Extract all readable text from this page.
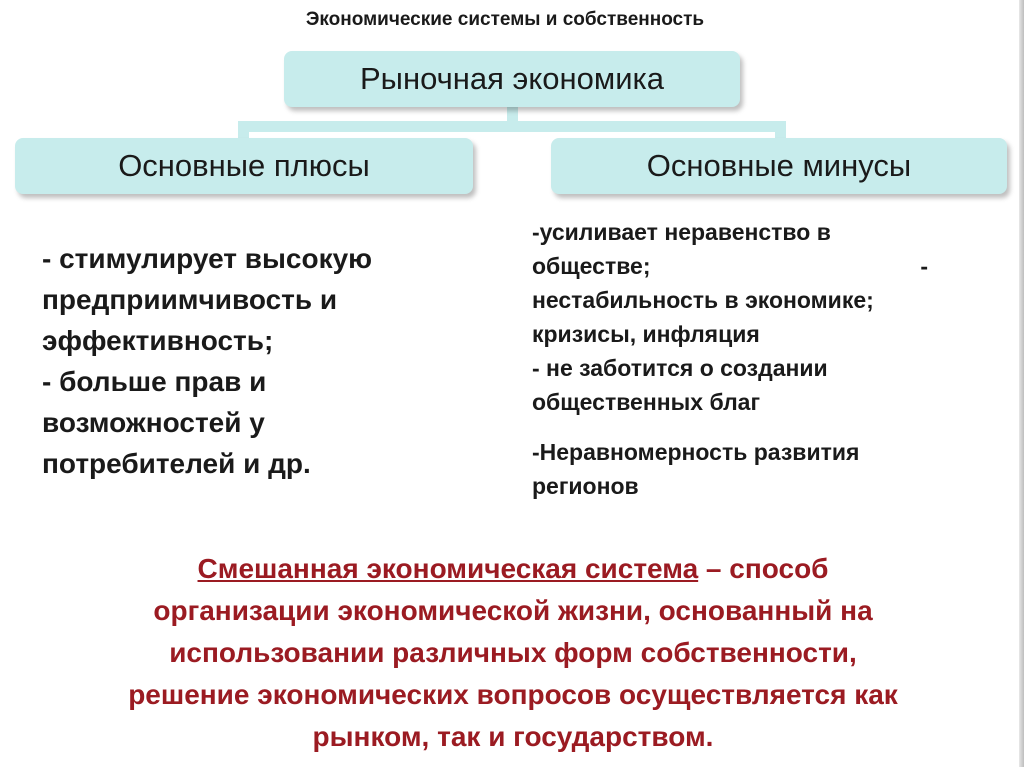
Экономические системы и собственность
Рыночная экономика
Основные плюсы	Основные минусы
- стимулирует высокую
предприимчивость и
эффективность;
- больше прав и
возможностей у
потребителей и др.
-усиливает неравенство в
обществе;	-
нестабильность в экономике;
кризисы, инфляция
- не заботится о создании
общественных благ
-Неравномерность развития
регионов
Смешанная экономическая система – способ
организации экономической жизни, основанный на
использовании различных форм собственности,
решение экономических вопросов осуществляется как
рынком, так и государством.
